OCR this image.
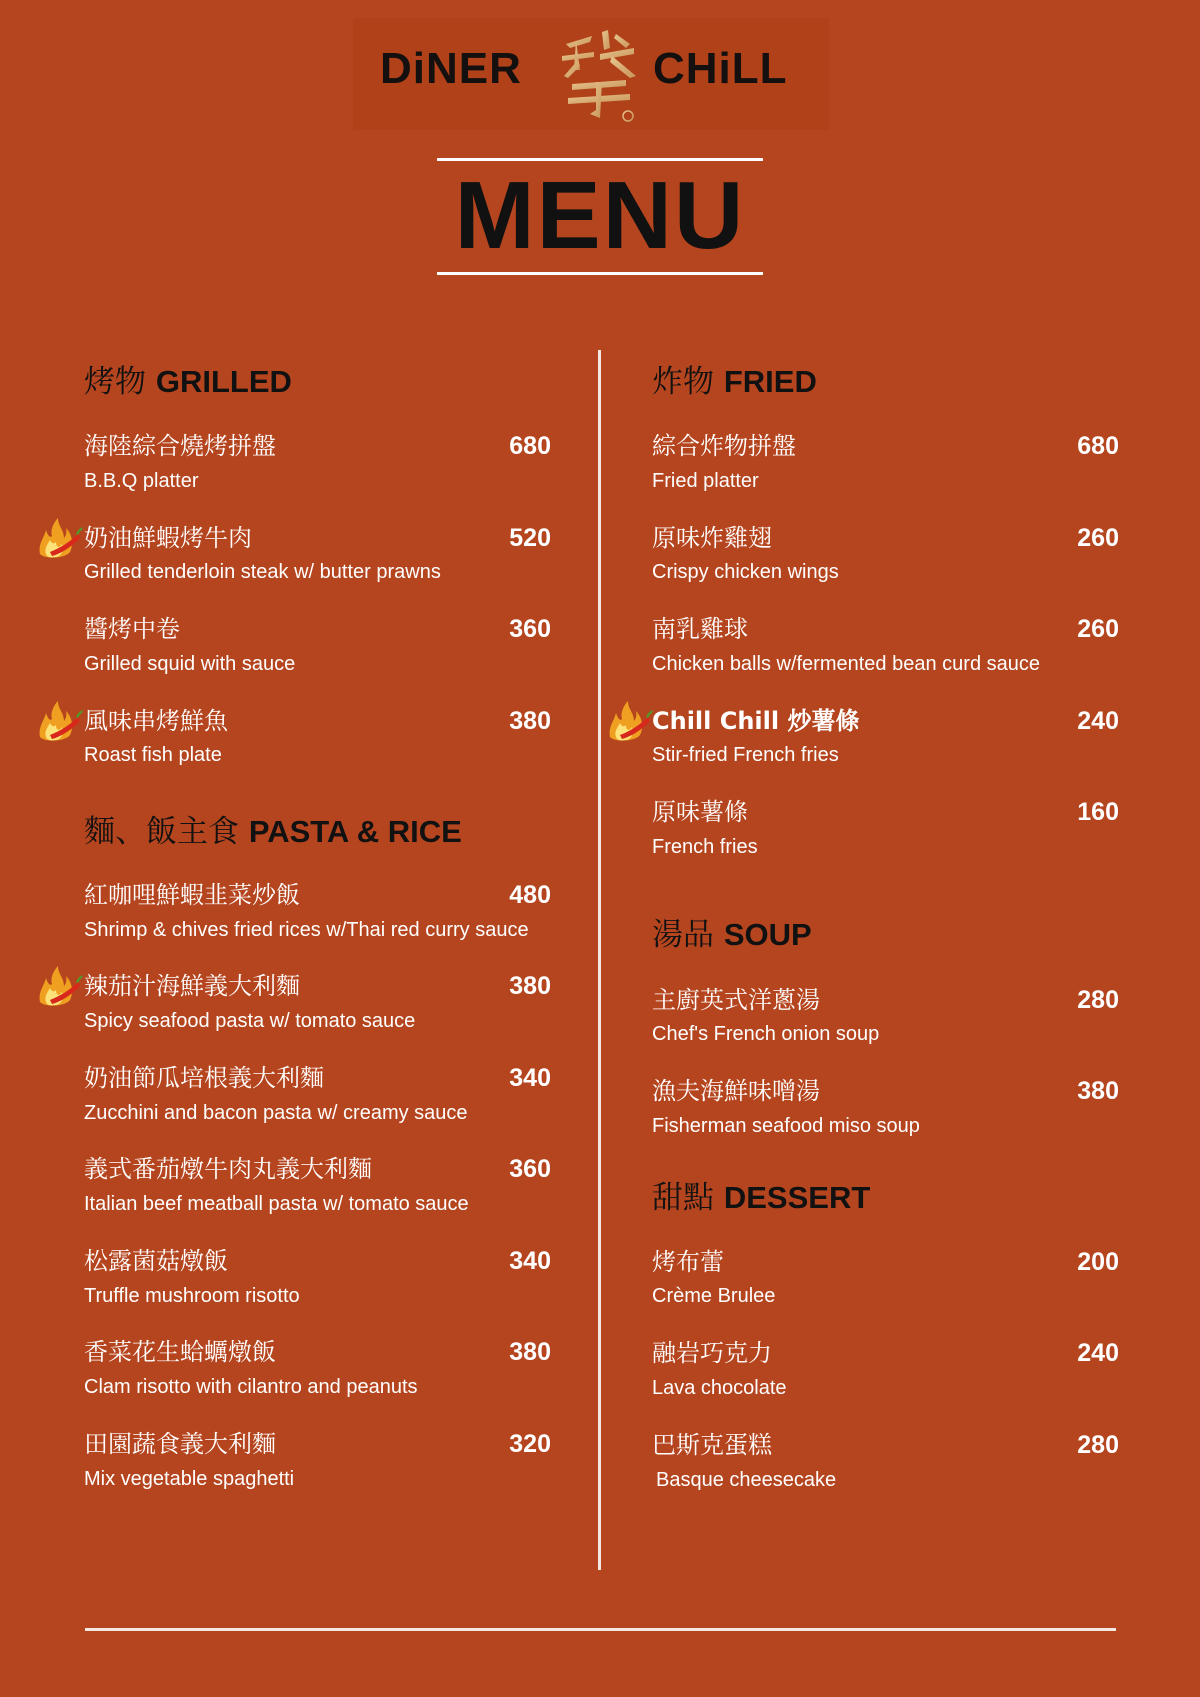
DiNER	CHiLL
MENU
烤物 GRILLED
麵、飯主食 PASTA & RICE
炸物 FRIED
湯品 SOUP
甜點 DESSERT
海陸綜合燒烤拼盤	680
B.B.Q platter
奶油鮮蝦烤牛肉	520
Grilled tenderloin steak w/ butter prawns
醬烤中卷	360
Grilled squid with sauce
風味串烤鮮魚	380
Roast fish plate
紅咖哩鮮蝦韭菜炒飯	480
Shrimp & chives fried rices w/Thai red curry sauce
辣茄汁海鮮義大利麵	380
Spicy seafood pasta w/ tomato sauce
奶油節瓜培根義大利麵	340
Zucchini and bacon pasta w/ creamy sauce
義式番茄燉牛肉丸義大利麵	360
Italian beef meatball pasta w/ tomato sauce
松露菌菇燉飯	340
Truffle mushroom risotto
香菜花生蛤蠣燉飯	380
Clam risotto with cilantro and peanuts
田園蔬食義大利麵	320
Mix vegetable spaghetti
綜合炸物拼盤	680
Fried platter
原味炸雞翅	260
Crispy chicken wings
南乳雞球	260
Chicken balls w/fermented bean curd sauce
Chill Chill 炒薯條	240
Stir-fried French fries
原味薯條	160
French fries
主廚英式洋蔥湯	280
Chef's French onion soup
漁夫海鮮味噌湯	380
Fisherman seafood miso soup
烤布蕾	200
Crème Brulee
融岩巧克力	240
Lava chocolate
巴斯克蛋糕	280
Basque cheesecake
